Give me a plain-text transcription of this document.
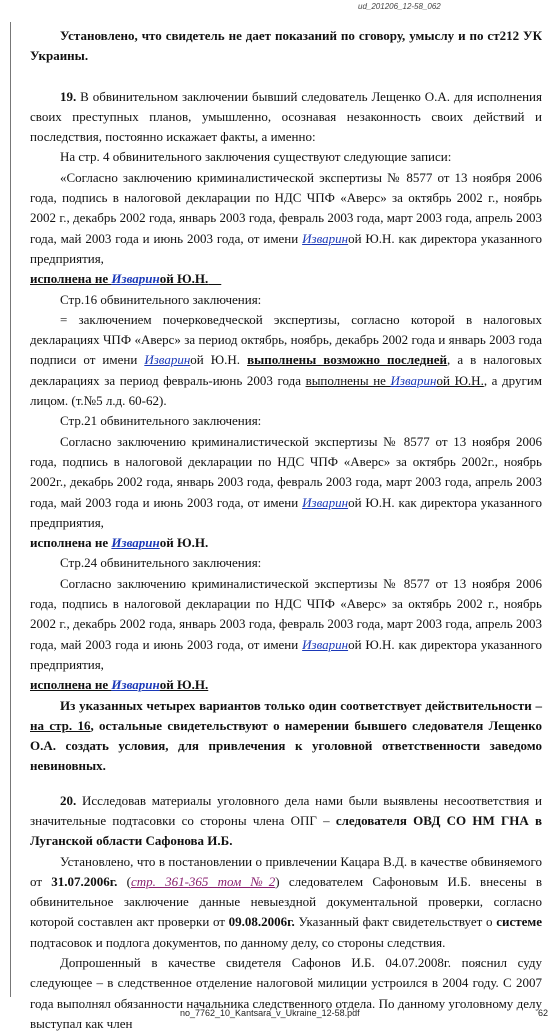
ud_201206_12-58_062

Установлено, что свидетель не дает показаний по сговору, умыслу и по ст212 УК Украины.

19. В обвинительном заключении бывший следователь Лещенко О.А. для исполнения своих преступных планов, умышленно, осознавая незаконность своих действий и последствия, постоянно искажает факты, а именно:

На стр. 4 обвинительного заключения существуют следующие записи:

«Согласно заключению криминалистической экспертизы № 8577 от 13 ноября 2006 года, подпись в налоговой декларации по НДС ЧПФ «Аверс» за октябрь 2002 г., ноябрь 2002 г., декабрь 2002 года, январь 2003 года, февраль 2003 года, март 2003 года, апрель 2003 года, май 2003 года и июнь 2003 года, от имени Извариной Ю.Н. как директора указанного предприятия,
исполнена не Извариной Ю.Н.

Стр.16 обвинительного заключения:

= заключением почерковедческой экспертизы, согласно которой в налоговых декларациях ЧПФ «Аверс» за период октябрь, ноябрь, декабрь 2002 года и январь 2003 года подписи от имени Извариной Ю.Н. выполнены возможно последней, а в налоговых декларациях за период февраль-июнь 2003 года выполнены не Извариной Ю.Н., а другим лицом. (т.№5 л.д. 60-62).

Стр.21 обвинительного заключения:

Согласно заключению криминалистической экспертизы № 8577 от 13 ноября 2006 года, подпись в налоговой декларации по НДС ЧПФ «Аверс» за октябрь 2002г., ноябрь 2002г., декабрь 2002 года, январь 2003 года, февраль 2003 года, март 2003 года, апрель 2003 года, май 2003 года и июнь 2003 года, от имени Извариной Ю.Н. как директора указанного предприятия,
исполнена не Извариной Ю.Н.

Стр.24 обвинительного заключения:

Согласно заключению криминалистической экспертизы № 8577 от 13 ноября 2006 года, подпись в налоговой декларации по НДС ЧПФ «Аверс» за октябрь 2002 г., ноябрь 2002 г., декабрь 2002 года, январь 2003 года, февраль 2003 года, март 2003 года, апрель 2003 года, май 2003 года и июнь 2003 года, от имени Извариной Ю.Н. как директора указанного предприятия,
исполнена не Извариной Ю.Н.

Из указанных четырех вариантов только один соответствует действительности – на стр. 16, остальные свидетельствуют о намерении бывшего следователя Лещенко О.А. создать условия, для привлечения к уголовной ответственности заведомо невиновных.

20. Исследовав материалы уголовного дела нами были выявлены несоответствия и значительные подтасовки со стороны члена ОПГ – следователя ОВД СО НМ ГНА в Луганской области Сафонова И.Б.

Установлено, что в постановлении о привлечении Кацара В.Д. в качестве обвиняемого от 31.07.2006г. (стр. 361-365 том №2) следователем Сафоновым И.Б. внесены в обвинительное заключение данные невыездной документальной проверки, согласно которой составлен акт проверки от 09.08.2006г. Указанный факт свидетельствует о системе подтасовок и подлога документов, по данному делу, со стороны следствия.

Допрошенный в качестве свидетеля Сафонов И.Б. 04.07.2008г. пояснил суду следующее – в следственное отделение налоговой милиции устроился в 2004 году. С 2007 года выполнял обязанности начальника следственного отдела. По данному уголовному делу выступал как член

no_7762_10_Kantsara_v_Ukraine_12-58.pdf	62
